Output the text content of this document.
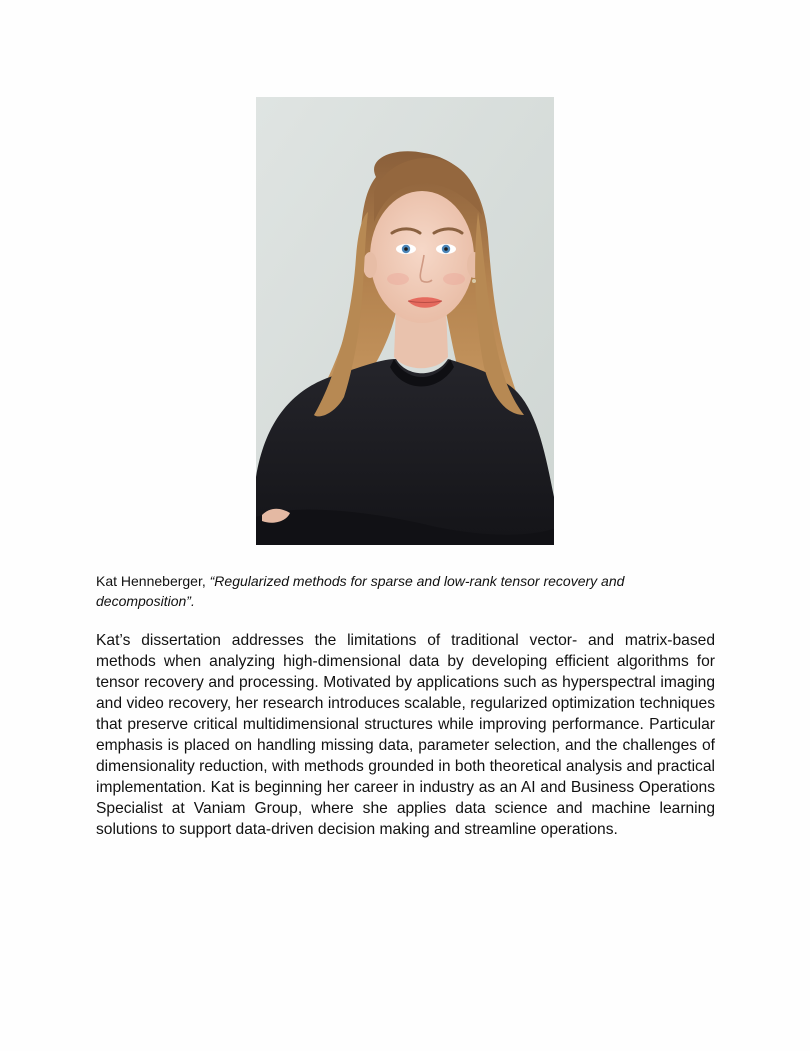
Kat Henneberger, “Regularized methods for sparse and low-rank tensor recovery and decomposition”.

Kat’s dissertation addresses the limitations of traditional vector- and matrix-based methods when analyzing high-dimensional data by developing efficient algorithms for tensor recovery and processing. Motivated by applications such as hyperspectral imaging and video recovery, her research introduces scalable, regularized optimization techniques that preserve critical multidimensional structures while improving performance. Particular emphasis is placed on handling missing data, parameter selection, and the challenges of dimensionality reduction, with methods grounded in both theoretical analysis and practical implementation. Kat is beginning her career in industry as an AI and Business Operations Specialist at Vaniam Group, where she applies data science and machine learning solutions to support data-driven decision making and streamline operations.
